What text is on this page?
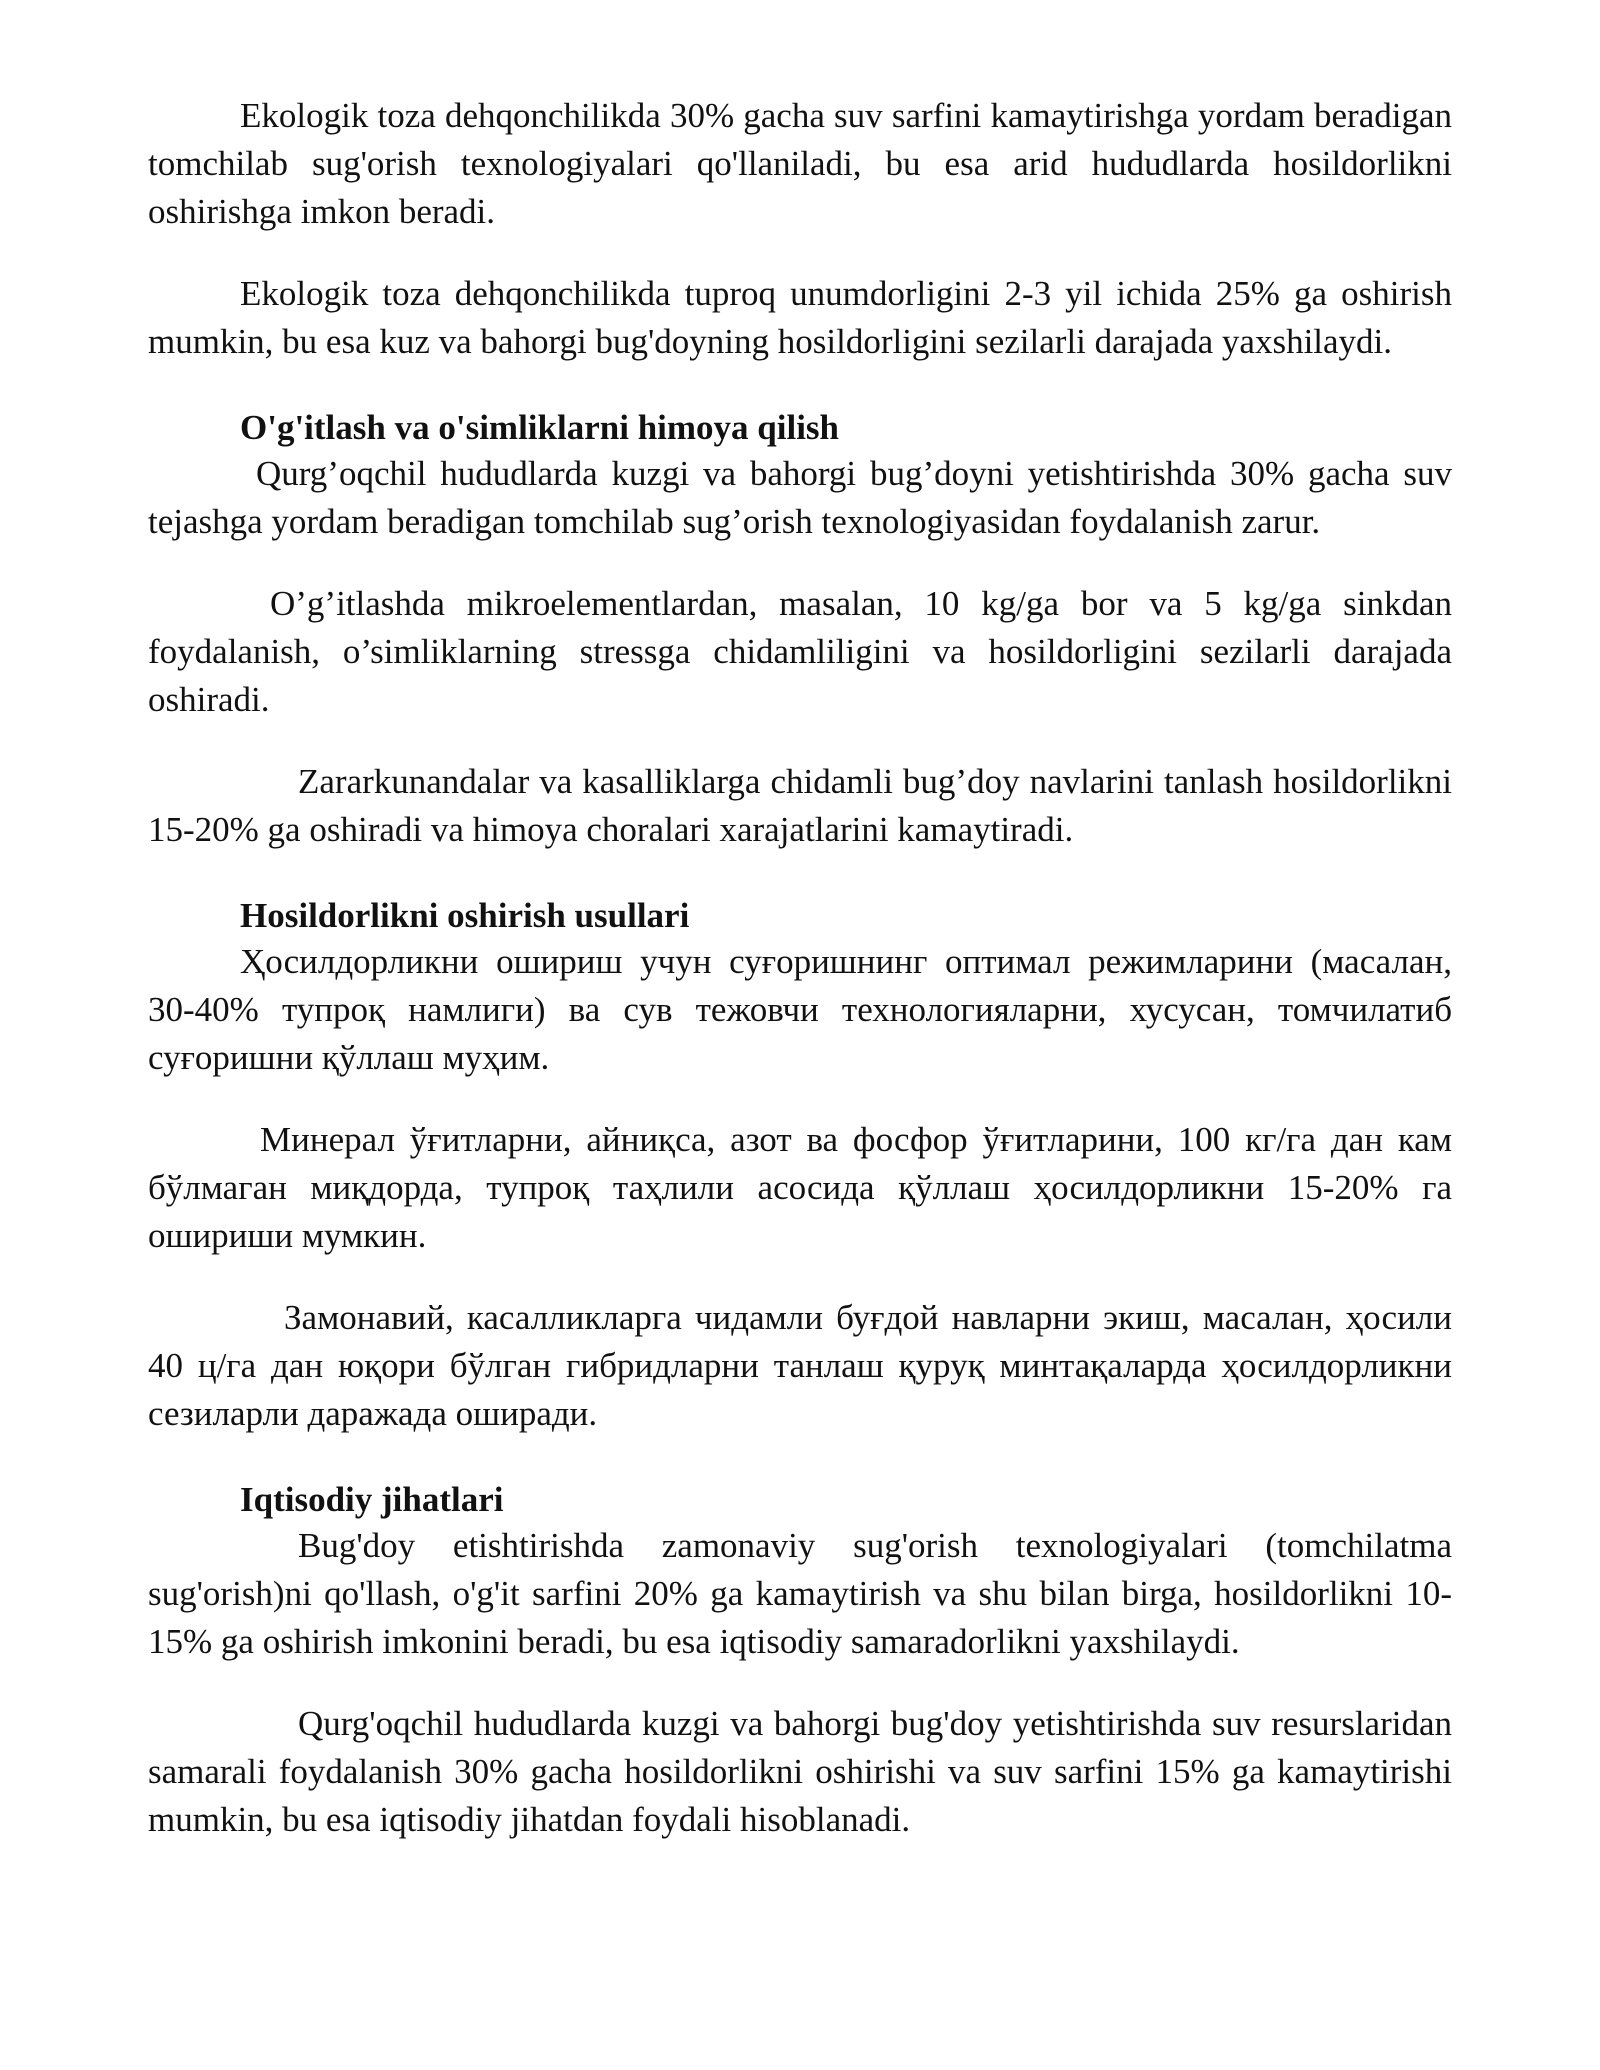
Ekologik toza dehqonchilikda 30% gacha suv sarfini kamaytirishga yordam beradigan tomchilab sug'orish texnologiyalari qo'llaniladi, bu esa arid hududlarda hosildorlikni oshirishga imkon beradi.

Ekologik toza dehqonchilikda tuproq unumdorligini 2-3 yil ichida 25% ga oshirish mumkin, bu esa kuz va bahorgi bug'doyning hosildorligini sezilarli darajada yaxshilaydi.

O'g'itlash va o'simliklarni himoya qilish

Qurg’oqchil hududlarda kuzgi va bahorgi bug’doyni yetishtirishda 30% gacha suv tejashga yordam beradigan tomchilab sug’orish texnologiyasidan foydalanish zarur.

O’g’itlashda mikroelementlardan, masalan, 10 kg/ga bor va 5 kg/ga sinkdan foydalanish, o’simliklarning stressga chidamliligini va hosildorligini sezilarli darajada oshiradi.

Zararkunandalar va kasalliklarga chidamli bug’doy navlarini tanlash hosildorlikni 15-20% ga oshiradi va himoya choralari xarajatlarini kamaytiradi.

Hosildorlikni oshirish usullari

Ҳосилдорликни ошириш учун суғоришнинг оптимал режимларини (масалан, 30-40% тупроқ намлиги) ва сув тежовчи технологияларни, хусусан, томчилатиб суғоришни қўллаш муҳим.

Минерал ўғитларни, айниқса, азот ва фосфор ўғитларини, 100 кг/га дан кам бўлмаган миқдорда, тупроқ таҳлили асосида қўллаш ҳосилдорликни 15-20% га ошириши мумкин.

Замонавий, касалликларга чидамли буғдой навларни экиш, масалан, ҳосили 40 ц/га дан юқори бўлган гибридларни танлаш қуруқ минтақаларда ҳосилдорликни сезиларли даражада оширади.

Iqtisodiy jihatlari

Bug'doy etishtirishda zamonaviy sug'orish texnologiyalari (tomchilatma sug'orish)ni qo'llash, o'g'it sarfini 20% ga kamaytirish va shu bilan birga, hosildorlikni 10-15% ga oshirish imkonini beradi, bu esa iqtisodiy samaradorlikni yaxshilaydi.

Qurg'oqchil hududlarda kuzgi va bahorgi bug'doy yetishtirishda suv resurslaridan samarali foydalanish 30% gacha hosildorlikni oshirishi va suv sarfini 15% ga kamaytirishi mumkin, bu esa iqtisodiy jihatdan foydali hisoblanadi.
